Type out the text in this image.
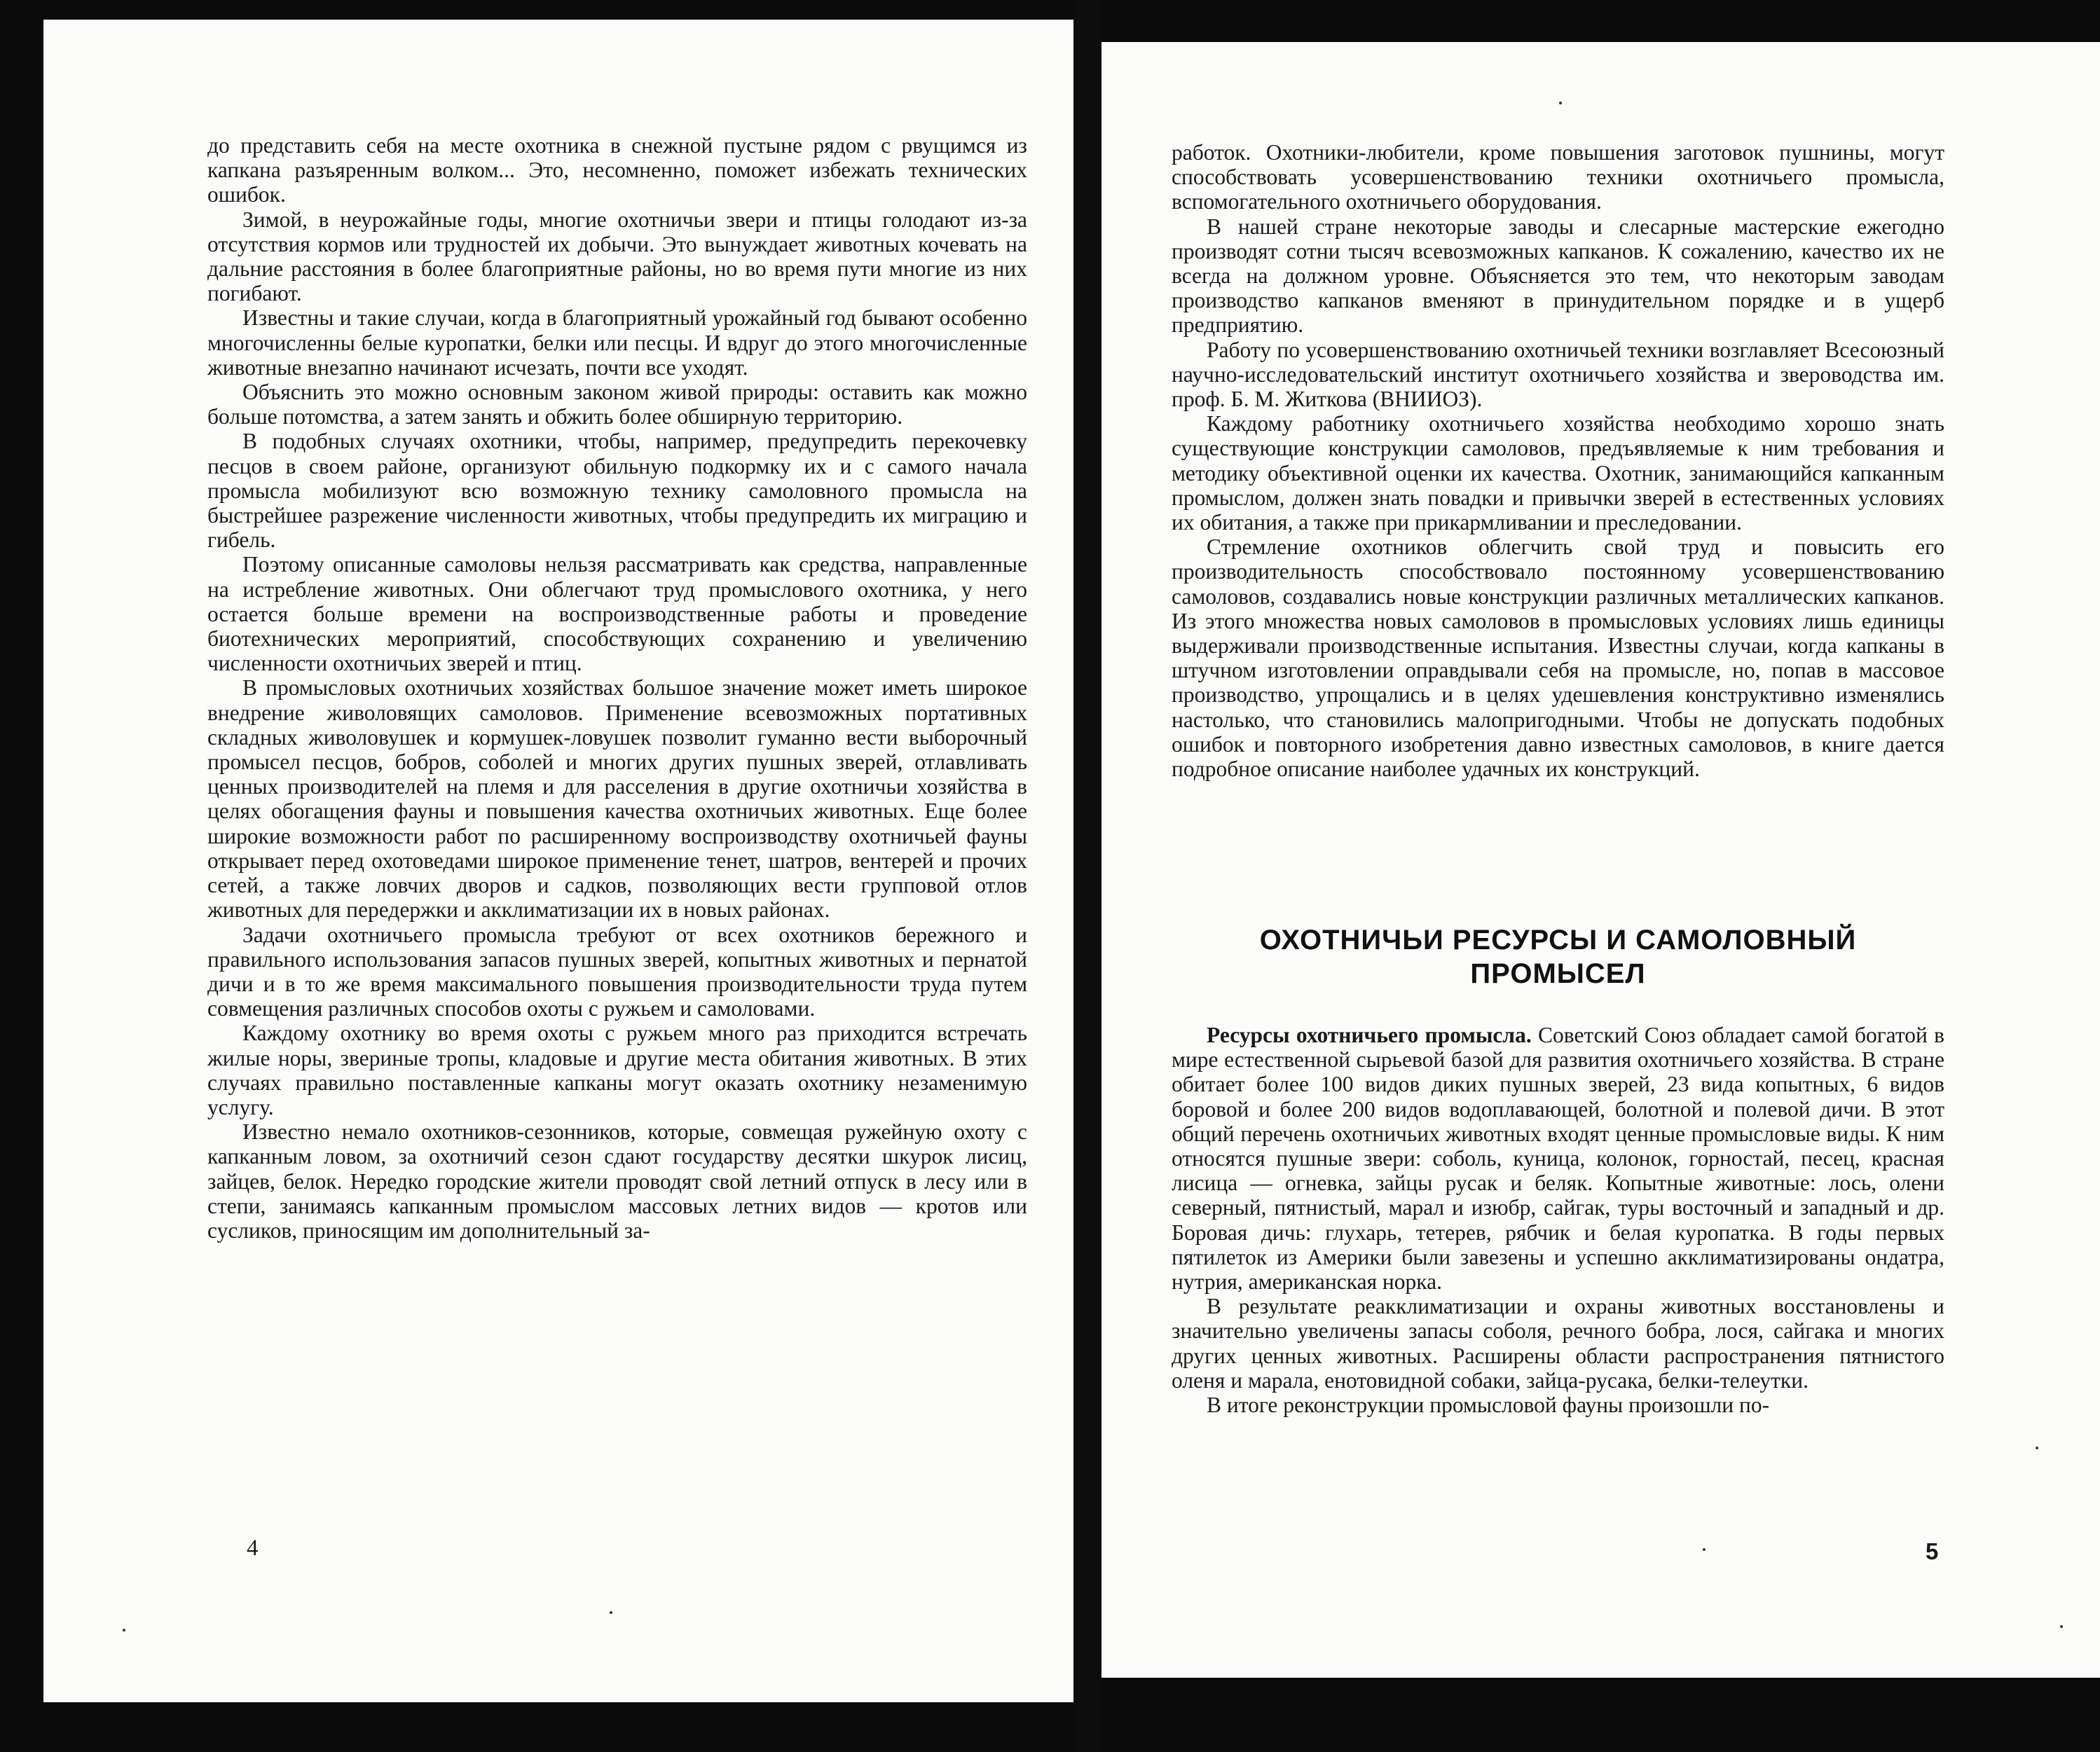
до представить себя на месте охотника в снежной пустыне рядом с рвущимся из капкана разъяренным волком... Это, несомненно, поможет избежать технических ошибок.

Зимой, в неурожайные годы, многие охотничьи звери и птицы голодают из-за отсутствия кормов или трудностей их добычи. Это вынуждает животных кочевать на дальние расстояния в более благоприятные районы, но во время пути многие из них погибают.

Известны и такие случаи, когда в благоприятный урожайный год бывают особенно многочисленны белые куропатки, белки или песцы. И вдруг до этого многочисленные животные внезапно начинают исчезать, почти все уходят.

Объяснить это можно основным законом живой природы: оставить как можно больше потомства, а затем занять и обжить более обширную территорию.

В подобных случаях охотники, чтобы, например, предупредить перекочевку песцов в своем районе, организуют обильную подкормку их и с самого начала промысла мобилизуют всю возможную технику самоловного промысла на быстрейшее разрежение численности животных, чтобы предупредить их миграцию и гибель.

Поэтому описанные самоловы нельзя рассматривать как средства, направленные на истребление животных. Они облегчают труд промыслового охотника, у него остается больше времени на воспроизводственные работы и проведение биотехнических мероприятий, способствующих сохранению и увеличению численности охотничьих зверей и птиц.

В промысловых охотничьих хозяйствах большое значение может иметь широкое внедрение живоловящих самоловов. Применение всевозможных портативных складных живоловушек и кормушек-ловушек позволит гуманно вести выборочный промысел песцов, бобров, соболей и многих других пушных зверей, отлавливать ценных производителей на племя и для расселения в другие охотничьи хозяйства в целях обогащения фауны и повышения качества охотничьих животных. Еще более широкие возможности работ по расширенному воспроизводству охотничьей фауны открывает перед охотоведами широкое применение тенет, шатров, вентерей и прочих сетей, а также ловчих дворов и садков, позволяющих вести групповой отлов животных для передержки и акклиматизации их в новых районах.

Задачи охотничьего промысла требуют от всех охотников бережного и правильного использования запасов пушных зверей, копытных животных и пернатой дичи и в то же время максимального повышения производительности труда путем совмещения различных способов охоты с ружьем и самоловами.

Каждому охотнику во время охоты с ружьем много раз приходится встречать жилые норы, звериные тропы, кладовые и другие места обитания животных. В этих случаях правильно поставленные капканы могут оказать охотнику незаменимую услугу.

Известно немало охотников-сезонников, которые, совмещая ружейную охоту с капканным ловом, за охотничий сезон сдают государству десятки шкурок лисиц, зайцев, белок. Нередко городские жители проводят свой летний отпуск в лесу или в степи, занимаясь капканным промыслом массовых летних видов — кротов или сусликов, приносящим им дополнительный за-

4

работок. Охотники-любители, кроме повышения заготовок пушнины, могут способствовать усовершенствованию техники охотничьего промысла, вспомогательного охотничьего оборудования.

В нашей стране некоторые заводы и слесарные мастерские ежегодно производят сотни тысяч всевозможных капканов. К сожалению, качество их не всегда на должном уровне. Объясняется это тем, что некоторым заводам производство капканов вменяют в принудительном порядке и в ущерб предприятию.

Работу по усовершенствованию охотничьей техники возглавляет Всесоюзный научно-исследовательский институт охотничьего хозяйства и звероводства им. проф. Б. М. Житкова (ВНИИОЗ).

Каждому работнику охотничьего хозяйства необходимо хорошо знать существующие конструкции самоловов, предъявляемые к ним требования и методику объективной оценки их качества. Охотник, занимающийся капканным промыслом, должен знать повадки и привычки зверей в естественных условиях их обитания, а также при прикармливании и преследовании.

Стремление охотников облегчить свой труд и повысить его производительность способствовало постоянному усовершенствованию самоловов, создавались новые конструкции различных металлических капканов. Из этого множества новых самоловов в промысловых условиях лишь единицы выдерживали производственные испытания. Известны случаи, когда капканы в штучном изготовлении оправдывали себя на промысле, но, попав в массовое производство, упрощались и в целях удешевления конструктивно изменялись настолько, что становились малопригодными. Чтобы не допускать подобных ошибок и повторного изобретения давно известных самоловов, в книге дается подробное описание наиболее удачных их конструкций.

ОХОТНИЧЬИ РЕСУРСЫ И САМОЛОВНЫЙ ПРОМЫСЕЛ

Ресурсы охотничьего промысла. Советский Союз обладает самой богатой в мире естественной сырьевой базой для развития охотничьего хозяйства. В стране обитает более 100 видов диких пушных зверей, 23 вида копытных, 6 видов боровой и более 200 видов водоплавающей, болотной и полевой дичи. В этот общий перечень охотничьих животных входят ценные промысловые виды. К ним относятся пушные звери: соболь, куница, колонок, горностай, песец, красная лисица — огневка, зайцы русак и беляк. Копытные животные: лось, олени северный, пятнистый, марал и изюбр, сайгак, туры восточный и западный и др. Боровая дичь: глухарь, тетерев, рябчик и белая куропатка. В годы первых пятилеток из Америки были завезены и успешно акклиматизированы ондатра, нутрия, американская норка.

В результате реакклиматизации и охраны животных восстановлены и значительно увеличены запасы соболя, речного бобра, лося, сайгака и многих других ценных животных. Расширены области распространения пятнистого оленя и марала, енотовидной собаки, зайца-русака, белки-телеутки.

В итоге реконструкции промысловой фауны произошли по-

5
